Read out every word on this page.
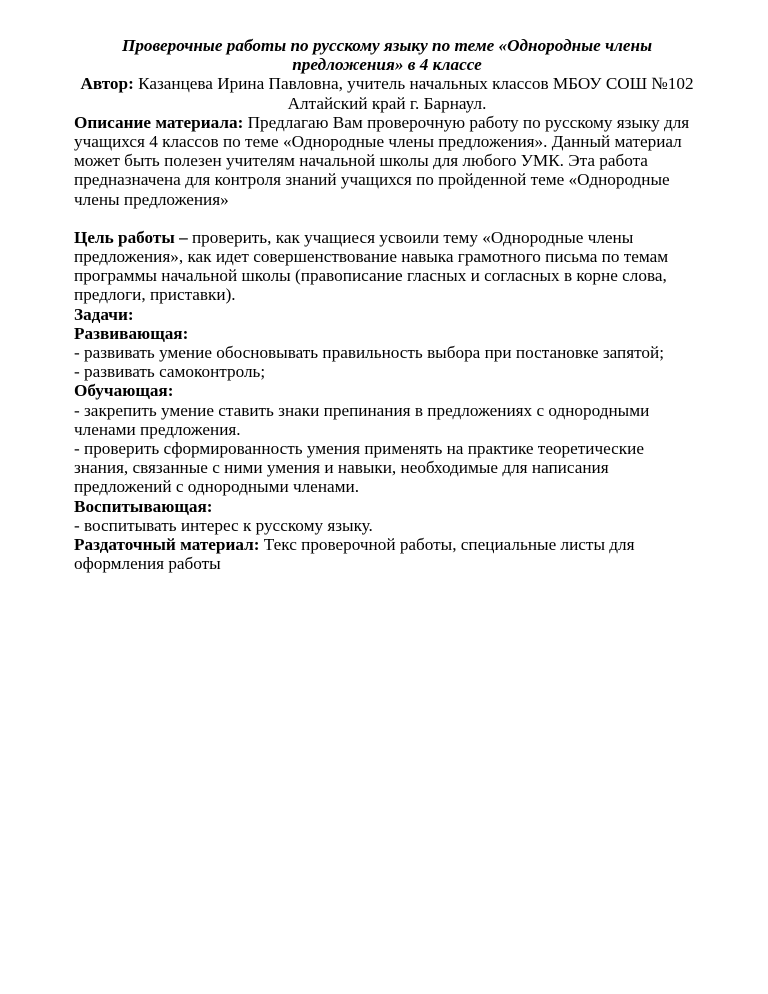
Проверочные работы по русскому языку по теме «Однородные члены предложения» в 4 классе

Автор: Казанцева Ирина Павловна, учитель начальных классов МБОУ СОШ №102 Алтайский край г. Барнаул.

Описание материала: Предлагаю Вам проверочную работу по русскому языку для учащихся 4 классов по теме «Однородные члены предложения». Данный материал может быть полезен учителям начальной школы для любого УМК. Эта работа предназначена для контроля знаний учащихся по пройденной теме «Однородные члены предложения»

Цель работы – проверить, как учащиеся усвоили тему «Однородные члены предложения», как идет совершенствование навыка грамотного письма по темам программы начальной школы (правописание гласных и согласных в корне слова, предлоги, приставки).

Задачи:

Развивающая:

- развивать умение обосновывать правильность выбора при постановке запятой;

- развивать самоконтроль;

Обучающая:

- закрепить умение ставить знаки препинания в предложениях с однородными членами предложения.

- проверить сформированность умения применять на практике теоретические знания, связанные с ними умения и навыки, необходимые для написания предложений с однородными членами.

Воспитывающая:

- воспитывать интерес к русскому языку.

Раздаточный материал: Текс проверочной работы, специальные листы для оформления работы
